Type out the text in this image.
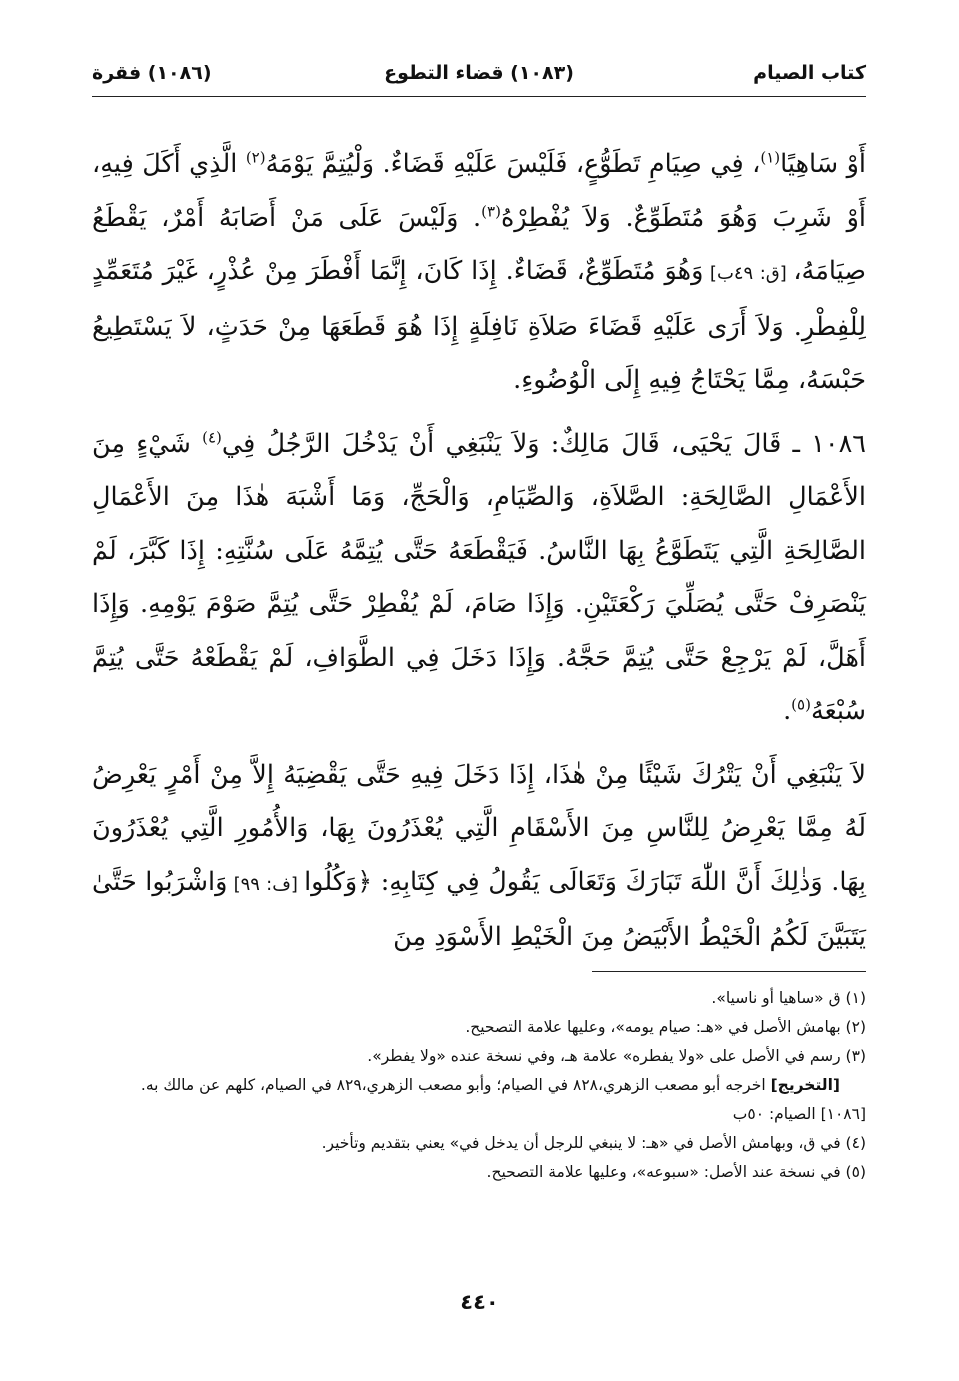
كتاب الصيام
(١٠٨٣) قضاء التطوع
(١٠٨٦) فقرة

أَوْ سَاهِيًا$^{(١)}$، فِي صِيَامِ تَطَوُّعٍ، فَلَيْسَ عَلَيْهِ قَضَاءٌ. وَلْيُتِمَّ يَوْمَهُ$^{(٢)}$ الَّذِي أَكَلَ فِيهِ، أَوْ شَرِبَ وَهُوَ مُتَطَوِّعٌ. وَلاَ يُفْطِرْهُ$^{(٣)}$. وَلَيْسَ عَلَى مَنْ أَصَابَهُ أَمْرٌ، يَقْطَعُ صِيَامَهُ، [ق: ٤٩ب] وَهُوَ مُتَطَوِّعٌ، قَضَاءٌ. إِذَا كَانَ، إِنَّمَا أَفْطَرَ مِنْ عُذْرٍ، غَيْرَ مُتَعَمِّدٍ لِلْفِطْرِ. وَلاَ أَرَى عَلَيْهِ قَضَاءَ صَلاَةِ نَافِلَةٍ إِذَا هُوَ قَطَعَهَا مِنْ حَدَثٍ، لاَ يَسْتَطِيعُ حَبْسَهُ، مِمَّا يَحْتَاجُ فِيهِ إِلَى الْوُضُوءِ.

١٠٨٦ ـ قَالَ يَحْيَى، قَالَ مَالِكٌ: وَلاَ يَنْبَغِي أَنْ يَدْخُلَ الرَّجُلُ فِي$^{(٤)}$ شَيْءٍ مِنَ الأَعْمَالِ الصَّالِحَةِ: الصَّلاَةِ، وَالصِّيَامِ، وَالْحَجِّ، وَمَا أَشْبَهَ هٰذَا مِنَ الأَعْمَالِ الصَّالِحَةِ الَّتِي يَتَطَوَّعُ بِهَا النَّاسُ. فَيَقْطَعَهُ حَتَّى يُتِمَّهُ عَلَى سُنَّتِهِ: إِذَا كَبَّرَ، لَمْ يَنْصَرِفْ حَتَّى يُصَلِّيَ رَكْعَتَيْنِ. وَإِذَا صَامَ، لَمْ يُفْطِرْ حَتَّى يُتِمَّ صَوْمَ يَوْمِهِ. وَإِذَا أَهَلَّ، لَمْ يَرْجِعْ حَتَّى يُتِمَّ حَجَّهُ. وَإِذَا دَخَلَ فِي الطَّوَافِ، لَمْ يَقْطَعْهُ حَتَّى يُتِمَّ سُبْعَهُ$^{(٥)}$.

لاَ يَنْبَغِي أَنْ يَتْرُكَ شَيْئًا مِنْ هٰذَا، إِذَا دَخَلَ فِيهِ حَتَّى يَقْضِيَهُ إِلاَّ مِنْ أَمْرٍ يَعْرِضُ لَهُ مِمَّا يَعْرِضُ لِلنَّاسِ مِنَ الأَسْقَامِ الَّتِي يُعْذَرُونَ بِهَا، وَالأُمُورِ الَّتِي يُعْذَرُونَ بِهَا. وَذٰلِكَ أَنَّ اللّٰهَ تَبَارَكَ وَتَعَالَى يَقُولُ فِي كِتَابِهِ: ﴿وَكُلُوا [ف: ٩٩] وَاشْرَبُوا حَتَّىٰ يَتَبَيَّنَ لَكُمُ الْخَيْطُ الأَبْيَضُ مِنَ الْخَيْطِ الأَسْوَدِ مِنَ

(١) ق «ساهيا أو ناسيا».

(٢) بهامش الأصل في «هـ: صيام يومه»، وعليها علامة التصحيح.

(٣) رسم في الأصل على «ولا يفطره» علامة هـ، وفي نسخة عنده «ولا يفطر».

[التخريج] اخرجه أبو مصعب الزهري،٨٢٨ في الصيام؛ وأبو مصعب الزهري،٨٢٩ في الصيام، كلهم عن مالك به.

[١٠٨٦] الصيام: ٥٠ب

(٤) في ق، وبهامش الأصل في «هـ: لا ينبغي للرجل أن يدخل في» يعني بتقديم وتأخير.

(٥) في نسخة عند الأصل: «سبوعه»، وعليها علامة التصحيح.

٤٤٠
